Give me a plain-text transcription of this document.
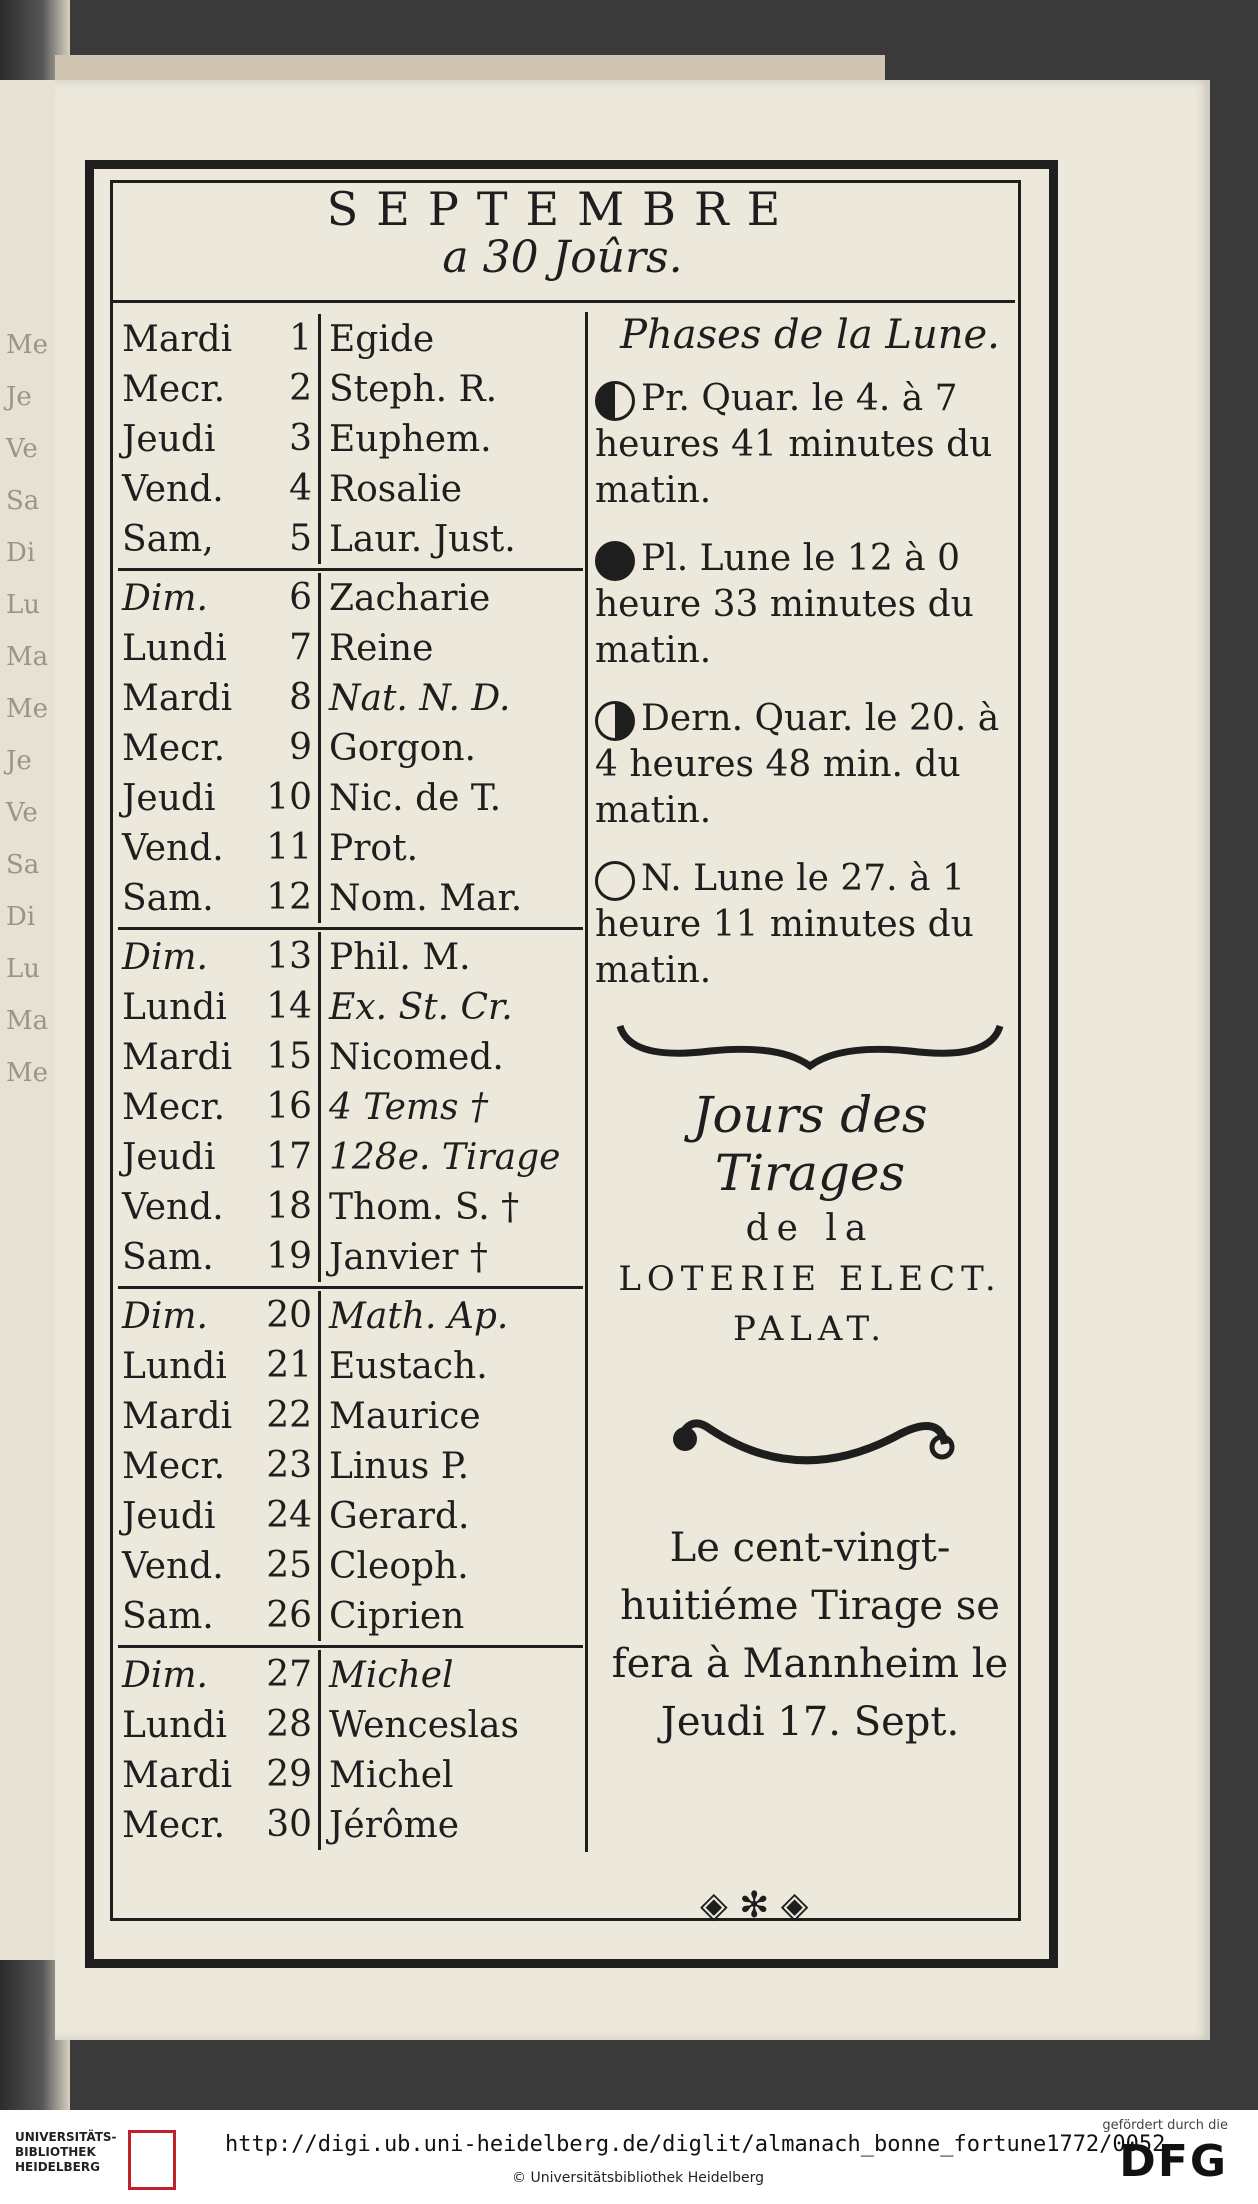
Me
Je
Ve
Sa
Di
Lu
Ma
Me
Je
Ve
Sa
Di
Lu
Ma
Me
SEPTEMBRE
a 30 Joûrs.
Mardi	1 Egide
Mecr.	2 Steph. R.
Jeudi	3 Euphem.
Vend.	4 Rosalie
Sam,	5 Laur. Just.
Dim.	6 Zacharie
Lundi	7 Reine
Mardi	8 Nat. N. D.
Mecr.	9 Gorgon.
Jeudi	10 Nic. de T.
Vend.	11 Prot.
Sam.	12 Nom. Mar.
Dim.	13 Phil. M.
Lundi	14 Ex. St. Cr.
Mardi 15 Nicomed.
Mecr.	16 4 Tems †
Jeudi	17 128e. Tirage
Vend.	18 Thom. S. †
Sam.	19 Janvier †
Dim.	20 Math. Ap.
Lundi	21 Eustach.
Mardi 22 Maurice
Mecr.	23 Linus P.
Jeudi	24 Gerard.
Vend.	25 Cleoph.
Sam.	26 Ciprien
Dim.	27 Michel
Lundi	28 Wenceslas
Mardi 29 Michel
Mecr.	30 Jérôme
Phases de la Lune.
Pr. Quar. le 4. à 7 heures 41 minutes du matin.
Pl. Lune le 12 à 0 heure 33 minutes du matin.
Dern. Quar. le 20. à 4 heures 48 min. du matin.
N. Lune le 27. à 1 heure 11 minutes du matin.
Jours des Tirages
de la
LOTERIE ELECT.
PALAT.
Le cent-vingt-huitiéme Tirage se fera à Mannheim le Jeudi 17. Sept.
◈ ✻ ◈
UNIVERSITÄTS-BIBLIOTHEK HEIDELBERG
http://digi.ub.uni-heidelberg.de/diglit/almanach_bonne_fortune1772/0052
© Universitätsbibliothek Heidelberg
gefördert durch die
DFG
